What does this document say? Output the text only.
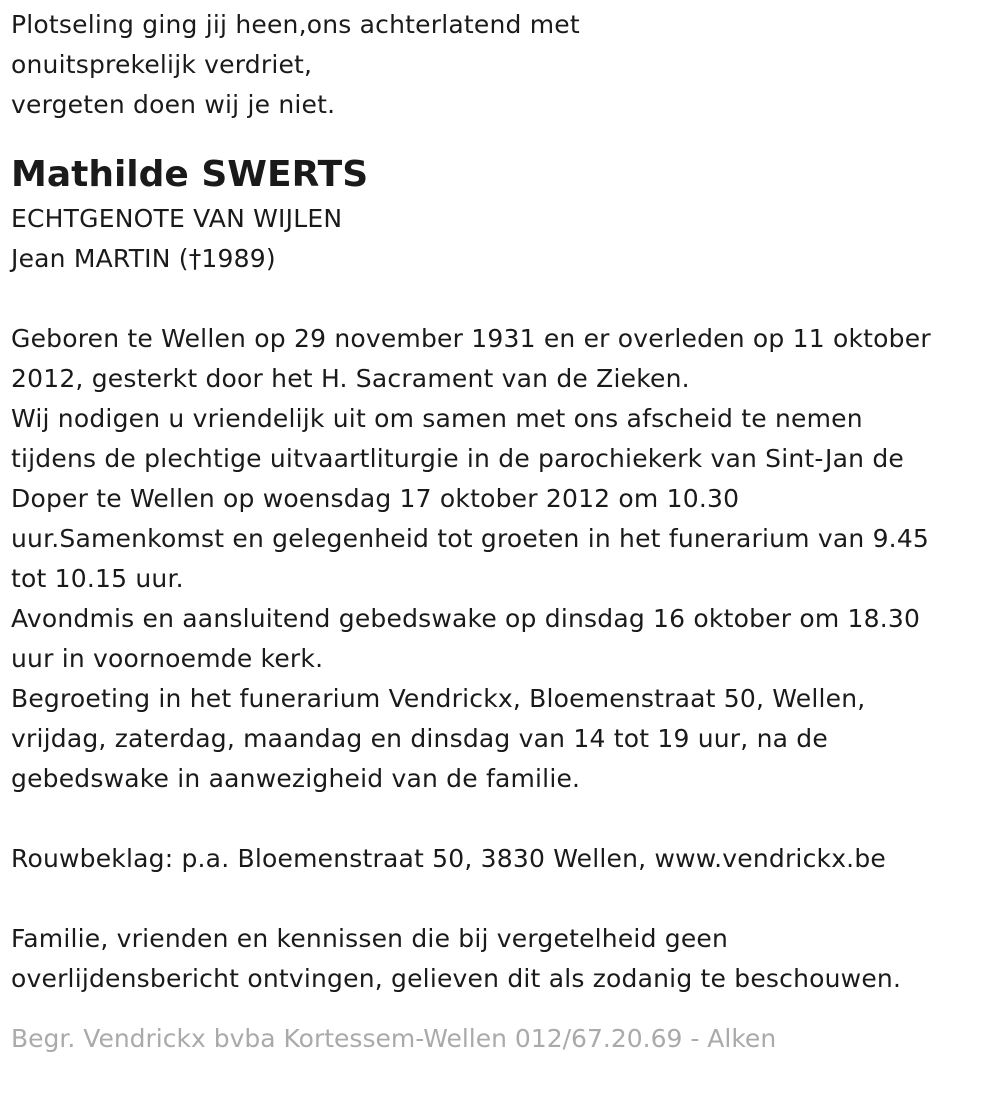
Plotseling ging jij heen,ons achterlatend met
onuitsprekelijk verdriet,
vergeten doen wij je niet.
Mathilde SWERTS
ECHTGENOTE VAN WIJLEN
Jean MARTIN (†1989)
Geboren te Wellen op 29 november 1931 en er overleden op 11 oktober
2012, gesterkt door het H. Sacrament van de Zieken.
Wij nodigen u vriendelijk uit om samen met ons afscheid te nemen
tijdens de plechtige uitvaartliturgie in de parochiekerk van Sint-Jan de
Doper te Wellen op woensdag 17 oktober 2012 om 10.30
uur.Samenkomst en gelegenheid tot groeten in het funerarium van 9.45
tot 10.15 uur.
Avondmis en aansluitend gebedswake op dinsdag 16 oktober om 18.30
uur in voornoemde kerk.
Begroeting in het funerarium Vendrickx, Bloemenstraat 50, Wellen,
vrijdag, zaterdag, maandag en dinsdag van 14 tot 19 uur, na de
gebedswake in aanwezigheid van de familie.
Rouwbeklag: p.a. Bloemenstraat 50, 3830 Wellen, www.vendrickx.be
Familie, vrienden en kennissen die bij vergetelheid geen
overlijdensbericht ontvingen, gelieven dit als zodanig te beschouwen.
Begr. Vendrickx bvba Kortessem-Wellen 012/67.20.69 - Alken
